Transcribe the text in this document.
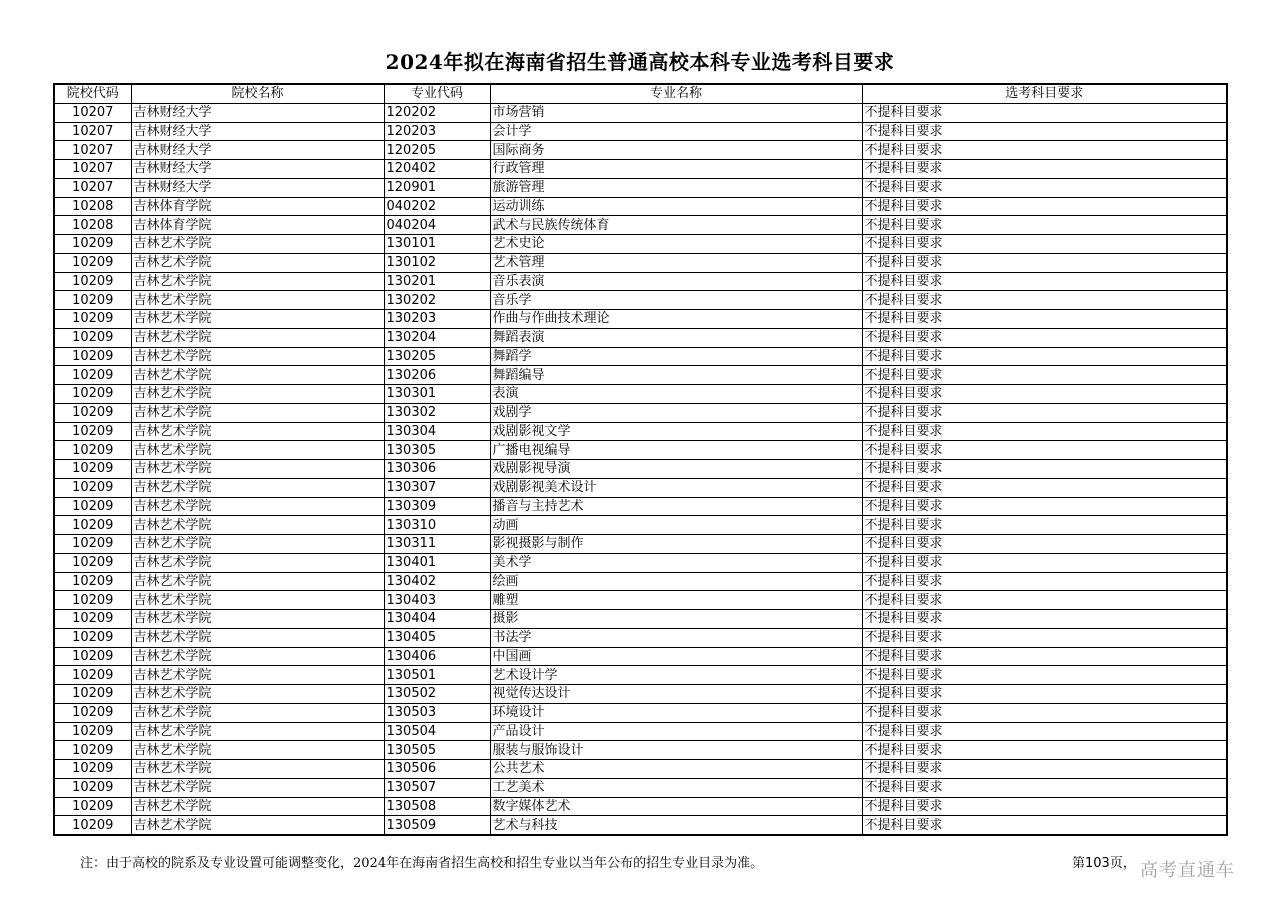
2024年拟在海南省招生普通高校本科专业选考科目要求
院校代码	院校名称	专业代码	专业名称	选考科目要求
10207	吉林财经大学	120202	市场营销	不提科目要求
10207	吉林财经大学	120203	会计学	不提科目要求
10207	吉林财经大学	120205	国际商务	不提科目要求
10207	吉林财经大学	120402	行政管理	不提科目要求
10207	吉林财经大学	120901	旅游管理	不提科目要求
10208	吉林体育学院	040202	运动训练	不提科目要求
10208	吉林体育学院	040204	武术与民族传统体育	不提科目要求
10209	吉林艺术学院	130101	艺术史论	不提科目要求
10209	吉林艺术学院	130102	艺术管理	不提科目要求
10209	吉林艺术学院	130201	音乐表演	不提科目要求
10209	吉林艺术学院	130202	音乐学	不提科目要求
10209	吉林艺术学院	130203	作曲与作曲技术理论	不提科目要求
10209	吉林艺术学院	130204	舞蹈表演	不提科目要求
10209	吉林艺术学院	130205	舞蹈学	不提科目要求
10209	吉林艺术学院	130206	舞蹈编导	不提科目要求
10209	吉林艺术学院	130301	表演	不提科目要求
10209	吉林艺术学院	130302	戏剧学	不提科目要求
10209	吉林艺术学院	130304	戏剧影视文学	不提科目要求
10209	吉林艺术学院	130305	广播电视编导	不提科目要求
10209	吉林艺术学院	130306	戏剧影视导演	不提科目要求
10209	吉林艺术学院	130307	戏剧影视美术设计	不提科目要求
10209	吉林艺术学院	130309	播音与主持艺术	不提科目要求
10209	吉林艺术学院	130310	动画	不提科目要求
10209	吉林艺术学院	130311	影视摄影与制作	不提科目要求
10209	吉林艺术学院	130401	美术学	不提科目要求
10209	吉林艺术学院	130402	绘画	不提科目要求
10209	吉林艺术学院	130403	雕塑	不提科目要求
10209	吉林艺术学院	130404	摄影	不提科目要求
10209	吉林艺术学院	130405	书法学	不提科目要求
10209	吉林艺术学院	130406	中国画	不提科目要求
10209	吉林艺术学院	130501	艺术设计学	不提科目要求
10209	吉林艺术学院	130502	视觉传达设计	不提科目要求
10209	吉林艺术学院	130503	环境设计	不提科目要求
10209	吉林艺术学院	130504	产品设计	不提科目要求
10209	吉林艺术学院	130505	服装与服饰设计	不提科目要求
10209	吉林艺术学院	130506	公共艺术	不提科目要求
10209	吉林艺术学院	130507	工艺美术	不提科目要求
10209	吉林艺术学院	130508	数字媒体艺术	不提科目要求
10209	吉林艺术学院	130509	艺术与科技	不提科目要求
注：由于高校的院系及专业设置可能调整变化，2024年在海南省招生高校和招生专业以当年公布的招生专业目录为准。	第103页， 高考直通车
